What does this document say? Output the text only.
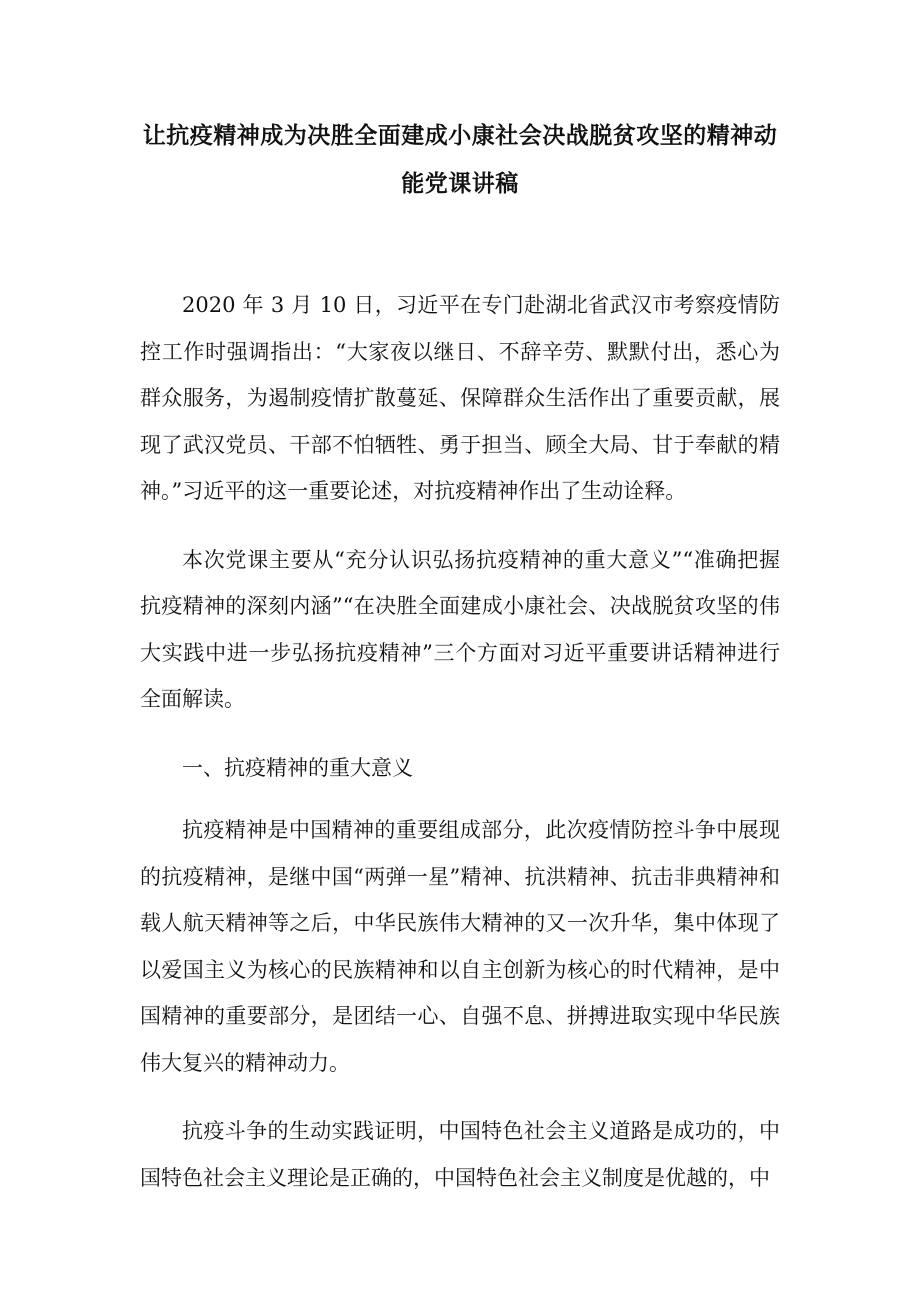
让抗疫精神成为决胜全面建成小康社会决战脱贫攻坚的精神动能党课讲稿

2020 年 3 月 10 日，习近平在专门赴湖北省武汉市考察疫情防控工作时强调指出：“大家夜以继日、不辞辛劳、默默付出，悉心为群众服务，为遏制疫情扩散蔓延、保障群众生活作出了重要贡献，展现了武汉党员、干部不怕牺牲、勇于担当、顾全大局、甘于奉献的精神。”习近平的这一重要论述，对抗疫精神作出了生动诠释。

本次党课主要从“充分认识弘扬抗疫精神的重大意义”“准确把握抗疫精神的深刻内涵”“在决胜全面建成小康社会、决战脱贫攻坚的伟大实践中进一步弘扬抗疫精神”三个方面对习近平重要讲话精神进行全面解读。

一、抗疫精神的重大意义

抗疫精神是中国精神的重要组成部分，此次疫情防控斗争中展现的抗疫精神，是继中国“两弹一星”精神、抗洪精神、抗击非典精神和载人航天精神等之后，中华民族伟大精神的又一次升华，集中体现了以爱国主义为核心的民族精神和以自主创新为核心的时代精神，是中国精神的重要部分，是团结一心、自强不息、拼搏进取实现中华民族伟大复兴的精神动力。

抗疫斗争的生动实践证明，中国特色社会主义道路是成功的，中国特色社会主义理论是正确的，中国特色社会主义制度是优越的，中
